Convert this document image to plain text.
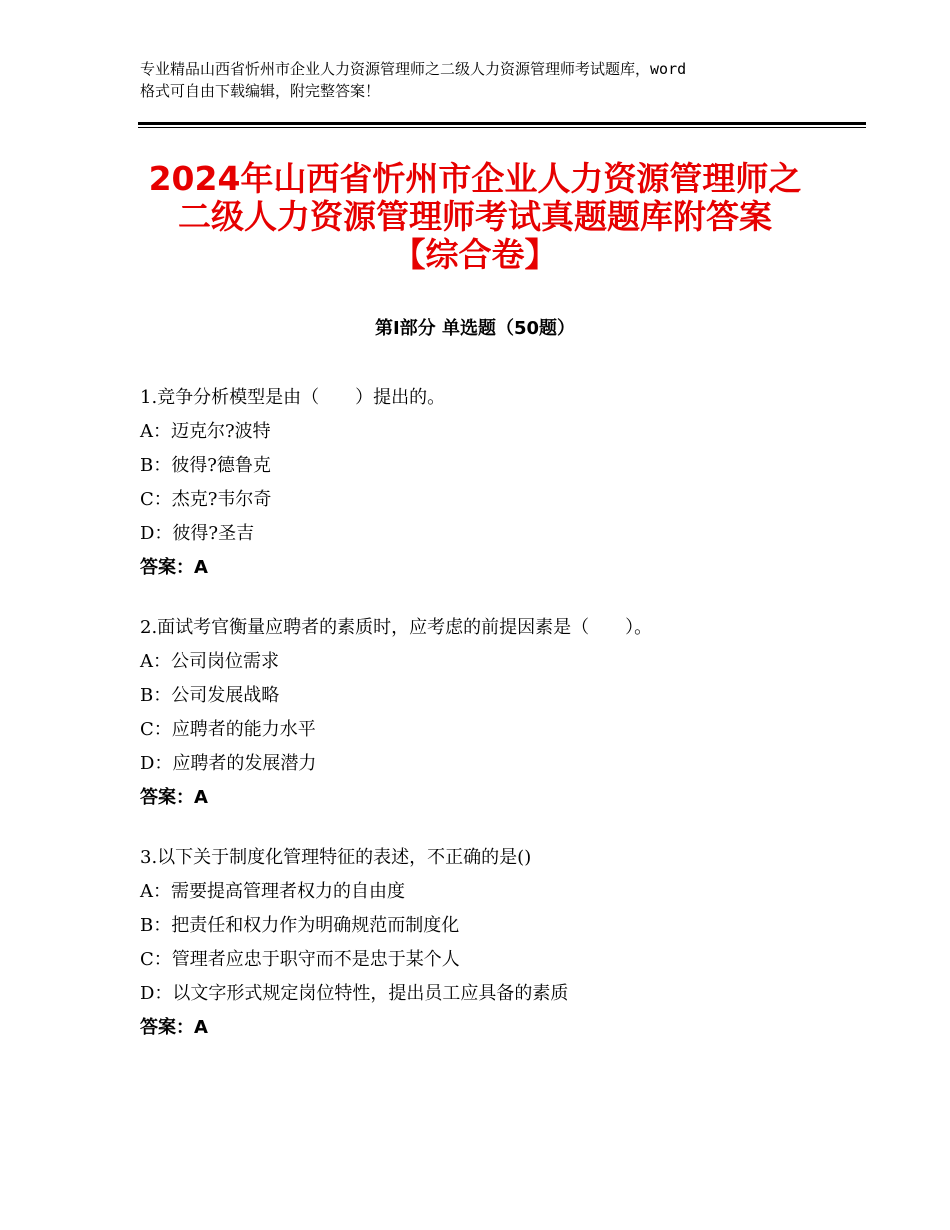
专业精品山西省忻州市企业人力资源管理师之二级人力资源管理师考试题库，word
格式可自由下载编辑，附完整答案！
2024年山西省忻州市企业人力资源管理师之
二级人力资源管理师考试真题题库附答案
【综合卷】
第Ⅰ部分 单选题（50题）
1.竞争分析模型是由（　　）提出的。
A：迈克尔?波特
B：彼得?德鲁克
C：杰克?韦尔奇
D：彼得?圣吉
答案：A
2.面试考官衡量应聘者的素质时，应考虑的前提因素是（　　）。
A：公司岗位需求
B：公司发展战略
C：应聘者的能力水平
D：应聘者的发展潜力
答案：A
3.以下关于制度化管理特征的表述，不正确的是()
A：需要提高管理者权力的自由度
B：把责任和权力作为明确规范而制度化
C：管理者应忠于职守而不是忠于某个人
D：以文字形式规定岗位特性，提出员工应具备的素质
答案：A
